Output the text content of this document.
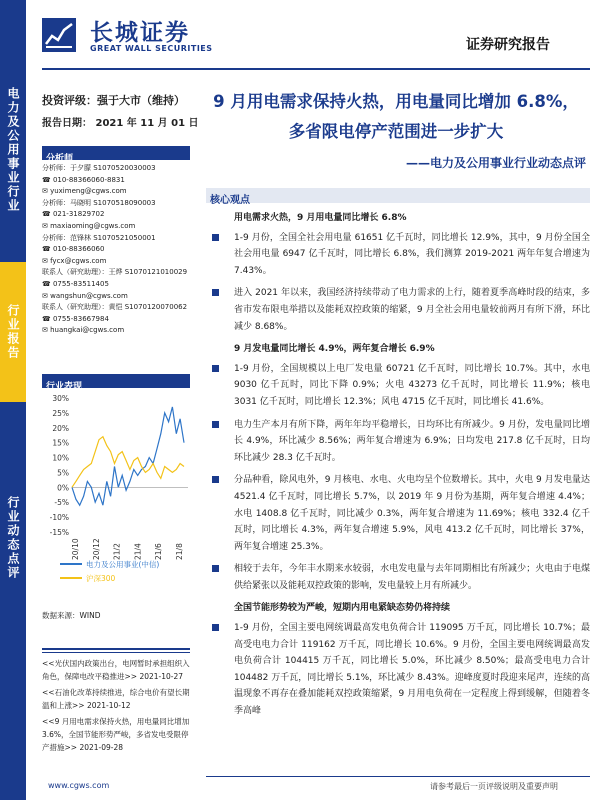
电力及公用事业行业
行业报告
行业动态点评
长城证券
GREAT WALL SECURITIES	证券研究报告
投资评级：强于大市（维持）
报告日期： 2021 年 11 月 01 日
分析师
分析师：于夕朦 S1070520030003
☎ 010-88366060-8831
✉ yuximeng@cgws.com
分析师：马晓明 S1070518090003
☎ 021-31829702
✉ maxiaoming@cgws.com
分析师：范锋林 S1070521050001
☎ 010-88366060
✉ fycx@cgws.com
联系人（研究助理）：王烨 S1070121010029
☎ 0755-83511405
✉ wangshun@cgws.com
联系人（研究助理）：黄恺 S1070120070062
☎ 0755-83667984
✉ huangkai@cgws.com
行业表现
30%
25%
20%
15%
10%
5%
0%
-5%
-10%
-15%
20/10 20/12 21/2 21/4 21/6 21/8
电力及公用事业(中信)
沪深300
数据来源：WIND
<<光伏国内政策出台，电网暂时承担组织入角色，保障电改平稳推进>> 2021-10-27
<<石油化改革持续推进，综合电价有望长期温和上涨>> 2021-10-12
<<9 月用电需求保持火热，用电量同比增加 3.6%，全国节能形势严峻，多省发电受限停产措施>> 2021-09-28
9 月用电需求保持火热，用电量同比增加 6.8%，
多省限电停产范围进一步扩大
——电力及公用事业行业动态点评
核心观点
用电需求火热，9 月用电量同比增长 6.8%
1-9 月份，全国全社会用电量 61651 亿千瓦时，同比增长 12.9%，其中，9 月份全国全社会用电量 6947 亿千瓦时，同比增长 6.8%，我们测算 2019-2021 两年年复合增速为 7.43%。
进入 2021 年以来，我国经济持续带动了电力需求的上行，随着夏季高峰时段的结束，多省市发布限电举措以及能耗双控政策的缩紧，9 月全社会用电量较前两月有所下滑，环比减少 8.68%。
9 月发电量同比增长 4.9%，两年复合增长 6.9%
1-9 月份，全国规模以上电厂发电量 60721 亿千瓦时，同比增长 10.7%。其中，水电 9030 亿千瓦时，同比下降 0.9%；火电 43273 亿千瓦时，同比增长 11.9%；核电 3031 亿千瓦时，同比增长 12.3%；风电 4715 亿千瓦时，同比增长 41.6%。
电力生产本月有所下降，两年年均平稳增长，日均环比有所减少。9 月份，发电量同比增长 4.9%，环比减少 8.56%；两年复合增速为 6.9%；日均发电 217.8 亿千瓦时，日均环比减少 28.3 亿千瓦时。
分品种看，除风电外，9 月核电、水电、火电均呈个位数增长。其中，火电 9 月发电量达 4521.4 亿千瓦时，同比增长 5.7%，以 2019 年 9 月份为基期，两年复合增速 4.4%；水电 1408.8 亿千瓦时，同比减少 0.3%，两年复合增速为 11.69%；核电 332.4 亿千瓦时，同比增长 4.3%，两年复合增速 5.9%，风电 413.2 亿千瓦时，同比增长 37%，两年复合增速 25.3%。
相较于去年，今年丰水期来水较弱，水电发电量与去年同期相比有所减少；火电由于电煤供给紧张以及能耗双控政策的影响，发电量较上月有所减少。
全国节能形势较为严峻，短期内用电紧缺态势仍将持续
1-9 月份，全国主要电网统调最高发电负荷合计 119095 万千瓦，同比增长 10.7%；最高受电电力合计 119162 万千瓦，同比增长 10.6%。9 月份，全国主要电网统调最高发电负荷合计 104415 万千瓦，同比增长 5.0%，环比减少 8.50%；最高受电电力合计 104482 万千瓦，同比增长 5.1%，环比减少 8.43%。迎峰度夏时段迎来尾声，连续的高温现象不再存在叠加能耗双控政策缩紧，9 月用电负荷在一定程度上得到缓解，但随着冬季高峰
www.cgws.com	请参考最后一页评级说明及重要声明
